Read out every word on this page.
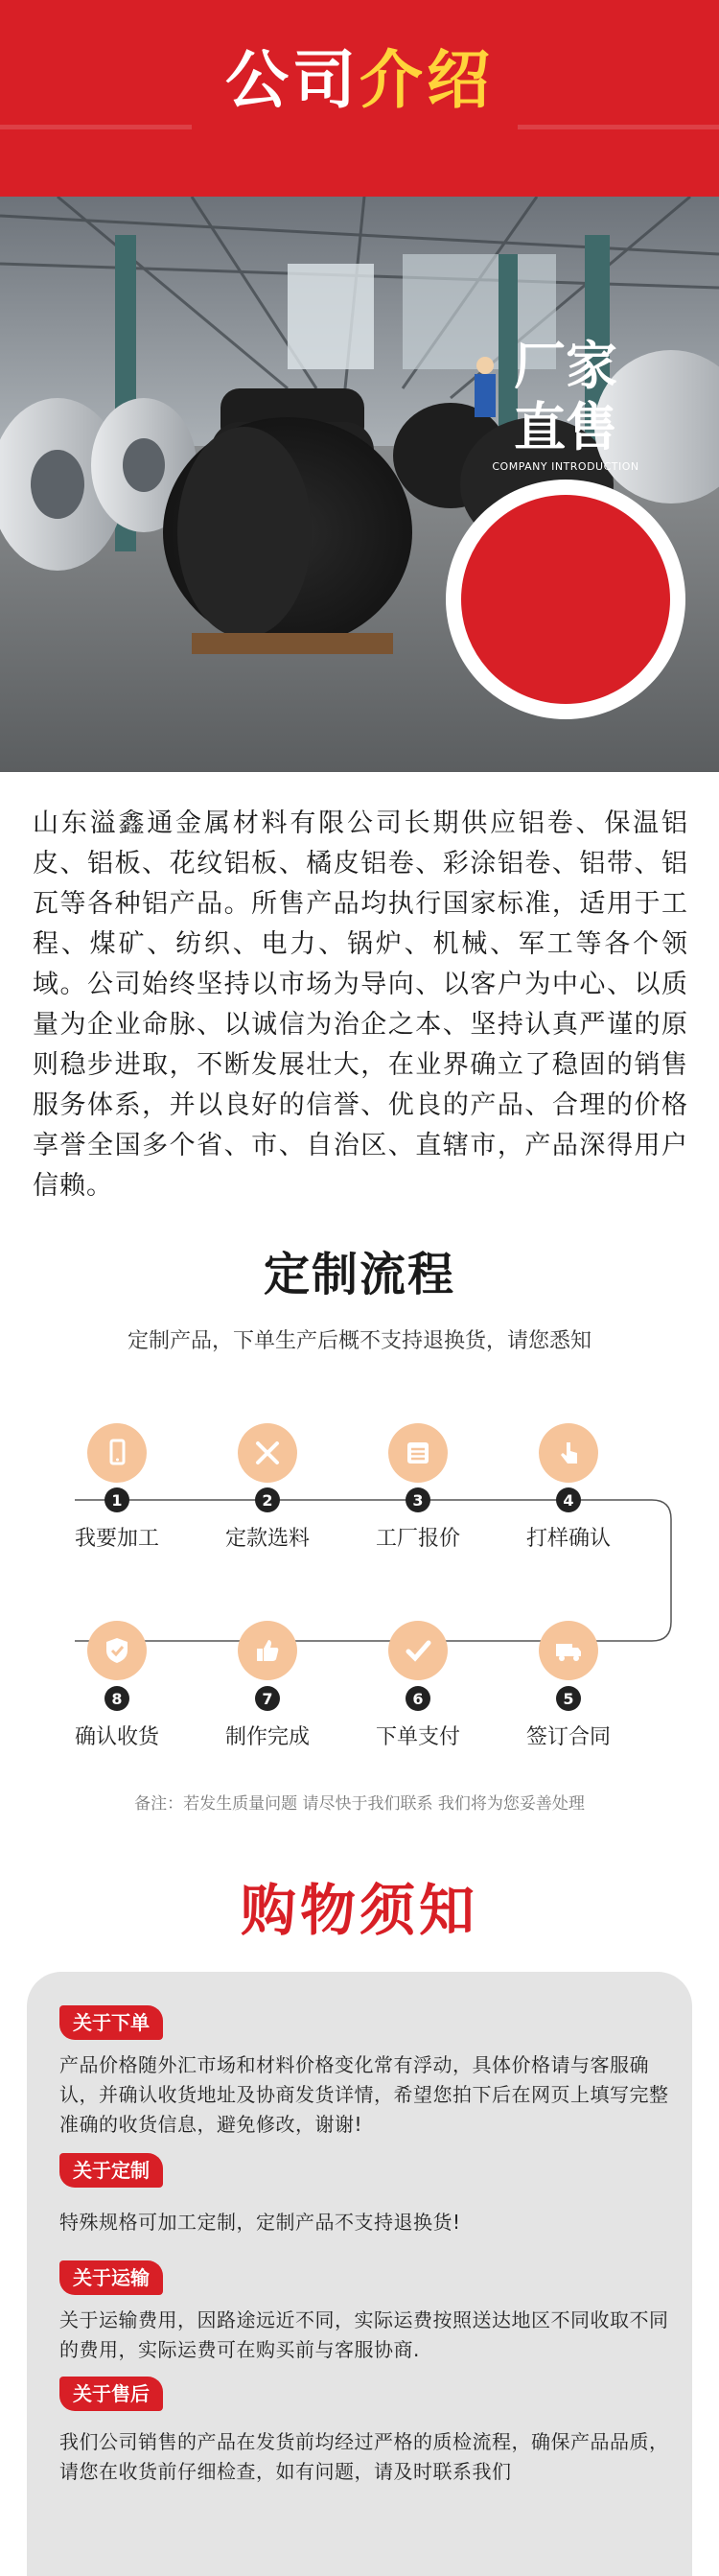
公司介绍
厂家
直售
COMPANY INTRODUCTION
山东溢鑫通金属材料有限公司长期供应铝卷、保温铝皮、铝板、花纹铝板、橘皮铝卷、彩涂铝卷、铝带、铝瓦等各种铝产品。所售产品均执行国家标准，适用于工程、煤矿、纺织、电力、锅炉、机械、军工等各个领域。公司始终坚持以市场为导向、以客户为中心、以质量为企业命脉、以诚信为治企之本、坚持认真严谨的原则稳步进取，不断发展壮大，在业界确立了稳固的销售服务体系，并以良好的信誉、优良的产品、合理的价格享誉全国多个省、市、自治区、直辖市，产品深得用户信赖。
定制流程
定制产品，下单生产后概不支持退换货，请您悉知
1	2	3	4
我要加工	定款选料	工厂报价	打样确认
8	7	6	5
确认收货	制作完成	下单支付	签订合同
备注：若发生质量问题 请尽快于我们联系 我们将为您妥善处理
购物须知
关于下单
产品价格随外汇市场和材料价格变化常有浮动，具体价格请与客服确认，并确认收货地址及协商发货详情，希望您拍下后在网页上填写完整准确的收货信息，避免修改，谢谢!
关于定制
特殊规格可加工定制，定制产品不支持退换货!
关于运输
关于运输费用，因路途远近不同，实际运费按照送达地区不同收取不同的费用，实际运费可在购买前与客服协商.
关于售后
我们公司销售的产品在发货前均经过严格的质检流程，确保产品品质，请您在收货前仔细检查，如有问题，请及时联系我们
